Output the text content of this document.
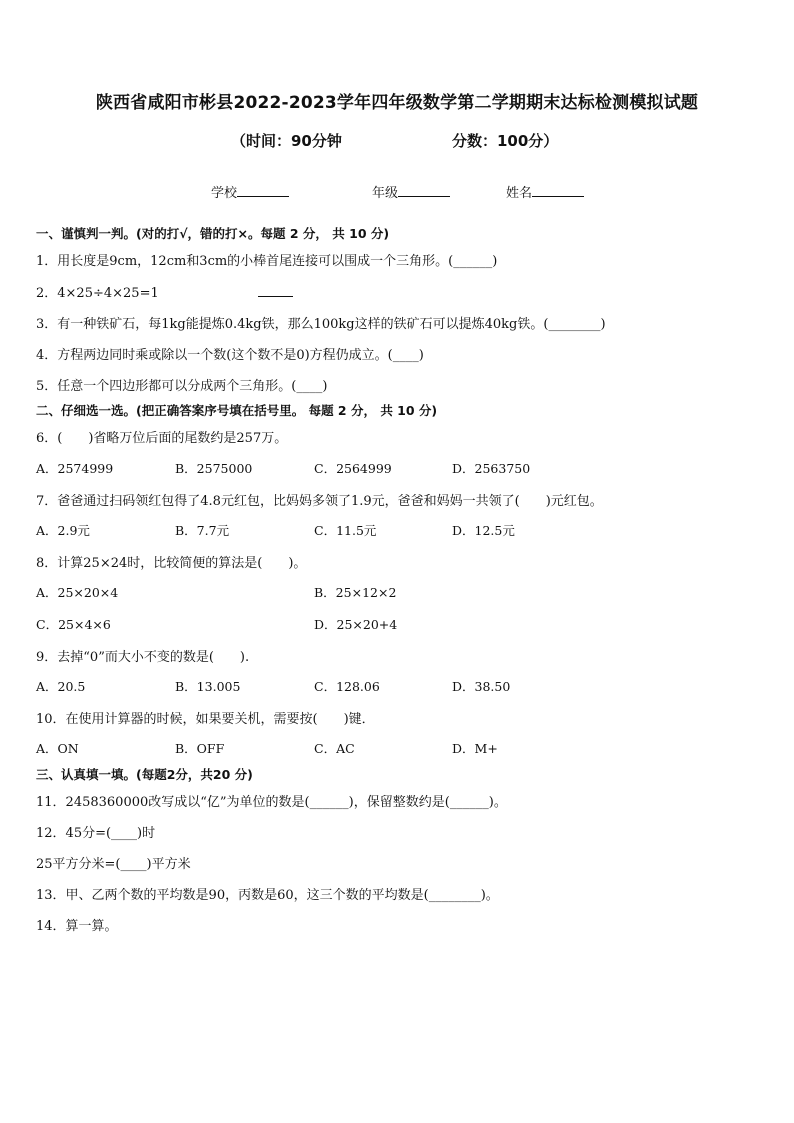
陕西省咸阳市彬县2022-2023学年四年级数学第二学期期末达标检测模拟试题
（时间：90分钟	分数：100分）
学校	年级	姓名
一、谨慎判一判。(对的打√，错的打×。每题 2 分， 共 10 分)
1．用长度是9cm，12cm和3cm的小棒首尾连接可以围成一个三角形。(______)
2．4×25÷4×25=1
3．有一种铁矿石，每1kg能提炼0.4kg铁，那么100kg这样的铁矿石可以提炼40kg铁。(________)
4．方程两边同时乘或除以一个数(这个数不是0)方程仍成立。(____)
5．任意一个四边形都可以分成两个三角形。(____)
二、仔细选一选。(把正确答案序号填在括号里。 每题 2 分， 共 10 分)
6．(　　)省略万位后面的尾数约是257万。
A．2574999	B．2575000	C．2564999	D．2563750
7．爸爸通过扫码领红包得了4.8元红包，比妈妈多领了1.9元，爸爸和妈妈一共领了(　　)元红包。
A．2.9元	B．7.7元	C．11.5元	D．12.5元
8．计算25×24时，比较简便的算法是(　　)。
A．25×20×4	B．25×12×2
C．25×4×6	D．25×20+4
9．去掉“0”而大小不变的数是(　　).
A．20.5	B．13.005	C．128.06	D．38.50
10．在使用计算器的时候，如果要关机，需要按(　　)键．
A．ON	B．OFF	C．AC	D．M+
三、认真填一填。(每题2分，共20 分)
11．2458360000改写成以“亿”为单位的数是(______)，保留整数约是(______)。
12．45分=(____)时
25平方分米=(____)平方米
13．甲、乙两个数的平均数是90，丙数是60，这三个数的平均数是(________)。
14．算一算。
